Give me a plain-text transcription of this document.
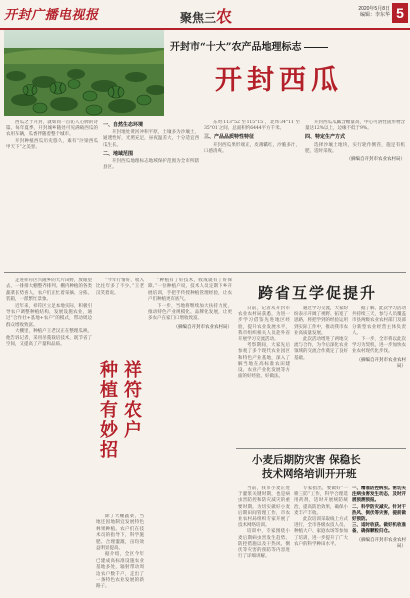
开封广播电视报	聚焦三农	2020年5月8日
编辑：李东华 5
开封市“十大”农产品地理标志
开封西瓜

西瓜之于开封，就如同一首沁人心脾的诗篇。每年夏季，开封城乡随处可见满载西瓜的农用车辆，瓜香伴随着整个城市。

开封种植西瓜历史悠久，素有“汴梁西瓜甲天下”之美誉。

一、自然生态环境

开封地处黄河冲积平原，土壤多为沙壤土，通透性好，光照充足，昼夜温差大，十分适宜西瓜生长。

二、地域范围

开封西瓜地理标志地域保护范围为全市所辖县区。

东经113°52′至115°15′，北纬34°11′至35°01′之间，总面积约6444平方千米。

三、产品品质特性特征

开封西瓜果形端正，皮薄瓤红，沙脆多汁，口感清爽。

开封西瓜瓜瓤含糖量高，中心可溶性固形物含量达12%以上，边缘不低于9%。

四、特定生产方式

选择沙壤土地块，实行轮作倒茬，施足有机肥，适时采收。

（摘编自开封市农业农村局）

走进祥符区兴隆乡的大片田野，放眼望去，一排排大棚整齐排列。棚内种植的各类蔬菜长势喜人，农户们正忙着采摘、分拣、装箱，一派繁忙景象。

近年来，祥符区立足本地实际，积极引导农户调整种植结构，发展设施农业，通过“合作社+基地+农户”的模式，带动周边群众增收致富。

大棚里，种植户王老汉正在整理瓜秧。他告诉记者，采用吊蔓栽培技术，既节省了空间，又提高了产量和品质。

“今年行情好，收入比往年多了不少。”王老汉笑着说。

祥符农户
种植有妙招

除了大棚蔬菜，当地还因地制宜发展特色林果种植。农户们在技术员的指导下，科学施肥、合理灌溉，亩均效益明显提高。

据介绍，全区今年已建成高标准设施农业基地多处，辐射带动周边农户数千户，走出了一条特色农业发展的新路子。

“种植有了好技术，收成就有了好保障。”一位种植户说，技术人员定期下乡开展培训，手把手传授种植管理经验，让农户们种植更有底气。

下一步，当地将继续加大扶持力度，推动特色产业规模化、品牌化发展，让更多农户在家门口增收致富。

（摘编自开封市农业农村局）
跨省互学促提升

日前，记者从开封市农业农村局获悉，为进一步学习借鉴先进地区经验，提升农业发展水平，我市组织相关人员赴外省开展学习交流活动。

考察期间，大家先后参观了多个现代农业园区和特色产业基地，深入了解当地在高标准农田建设、农业产业化发展等方面的好经验、好做法。

通过学习交流，大家纷纷表示开阔了视野、拓宽了思路，将把学到的经验运用到实际工作中，推动我市农业高质量发展。

此次活动增进了两地交流与合作，为今后深化农业领域的交流合作奠定了良好基础。

据了解，此次学习活动共持续三天，参与人员覆盖市县两级农业农村部门及部分新型农业经营主体负责人。

下一步，全市将以此次学习为契机，进一步加快农业农村现代化步伐。

（摘编自开封市农业农村局）
小麦后期防灾害 保稳长
技术网络培训开开班

当前，我市小麦正处于灌浆关键时期，也是病虫害防控和防灾减灾的重要时期。为切实做好小麦后期田间管理工作，市农业农村局组织专家开展了技术网络培训。

培训中，专家围绕小麦后期病虫害发生趋势、防控措施以及干热风、倒伏等灾害的预防等内容进行了详细讲解。

专家指出，要做好“一喷三防”工作，科学合理选用药剂，适时开展统防统治，提高防治效果，确保小麦丰产丰收。

此次培训采取线上方式进行，全市各级农技人员、种植大户、家庭农场等参加了培训，进一步提升了广大农户的科学种田水平。

一、精准防控病虫。密切关注病虫害发生动态，及时开展预测预报。

二、科学防灾减灾。针对干热风、倒伏等灾害，提前做好预防。

三、适时收获。做好机收准备，确保颗粒归仓。

（摘编自开封市农业农村局）
